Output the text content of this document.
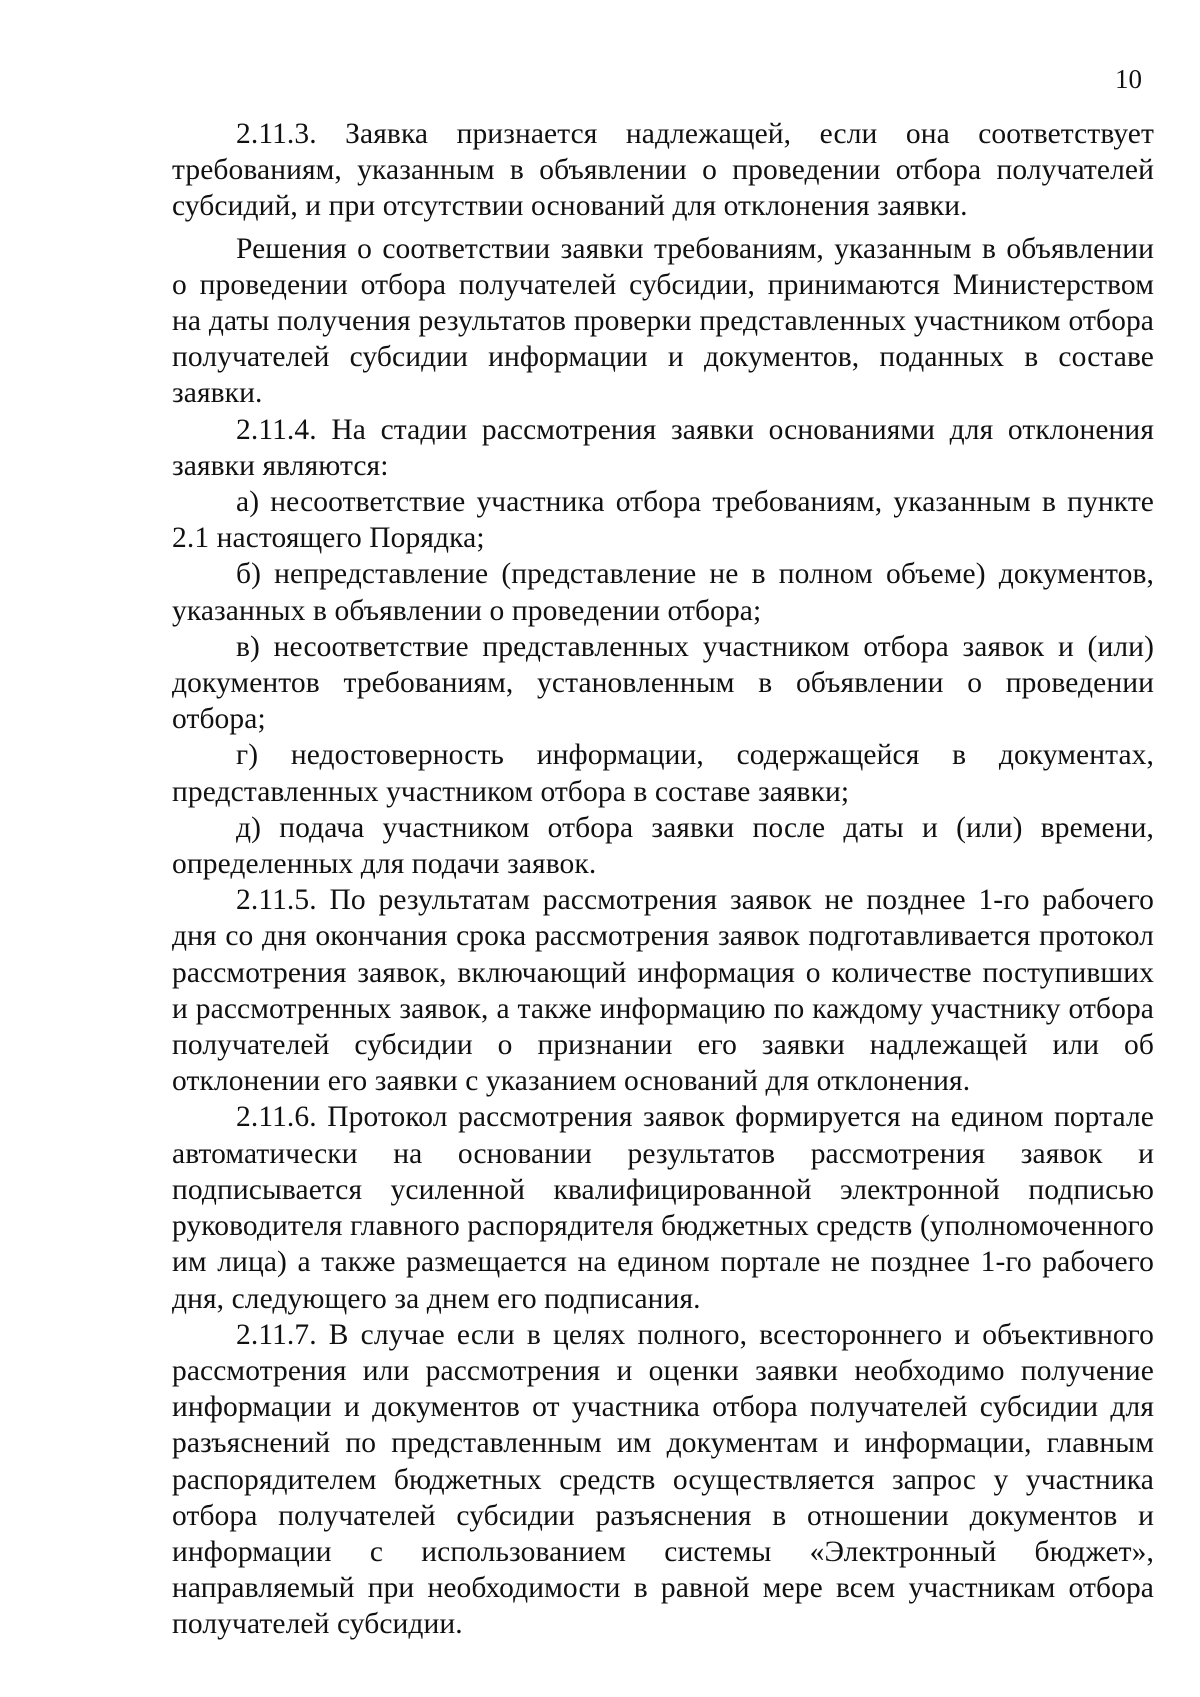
10

2.11.3. Заявка признается надлежащей, если она соответствует требованиям, указанным в объявлении о проведении отбора получателей субсидий, и при отсутствии оснований для отклонения заявки.

Решения о соответствии заявки требованиям, указанным в объявлении о проведении отбора получателей субсидии, принимаются Министерством на даты получения результатов проверки представленных участником отбора получателей субсидии информации и документов, поданных в составе заявки.

2.11.4. На стадии рассмотрения заявки основаниями для отклонения заявки являются:

а) несоответствие участника отбора требованиям, указанным в пункте 2.1 настоящего Порядка;

б) непредставление (представление не в полном объеме) документов, указанных в объявлении о проведении отбора;

в) несоответствие представленных участником отбора заявок и (или) документов требованиям, установленным в объявлении о проведении отбора;

г) недостоверность информации, содержащейся в документах, представленных участником отбора в составе заявки;

д) подача участником отбора заявки после даты и (или) времени, определенных для подачи заявок.

2.11.5. По результатам рассмотрения заявок не позднее 1-го рабочего дня со дня окончания срока рассмотрения заявок подготавливается протокол рассмотрения заявок, включающий информация о количестве поступивших и рассмотренных заявок, а также информацию по каждому участнику отбора получателей субсидии о признании его заявки надлежащей или об отклонении его заявки с указанием оснований для отклонения.

2.11.6. Протокол рассмотрения заявок формируется на едином портале автоматически на основании результатов рассмотрения заявок и подписывается усиленной квалифицированной электронной подписью руководителя главного распорядителя бюджетных средств (уполномоченного им лица) а также размещается на едином портале не позднее 1-го рабочего дня, следующего за днем его подписания.

2.11.7. В случае если в целях полного, всестороннего и объективного рассмотрения или рассмотрения и оценки заявки необходимо получение информации и документов от участника отбора получателей субсидии для разъяснений по представленным им документам и информации, главным распорядителем бюджетных средств осуществляется запрос у участника отбора получателей субсидии разъяснения в отношении документов и информации с использованием системы «Электронный бюджет», направляемый при необходимости в равной мере всем участникам отбора получателей субсидии.
